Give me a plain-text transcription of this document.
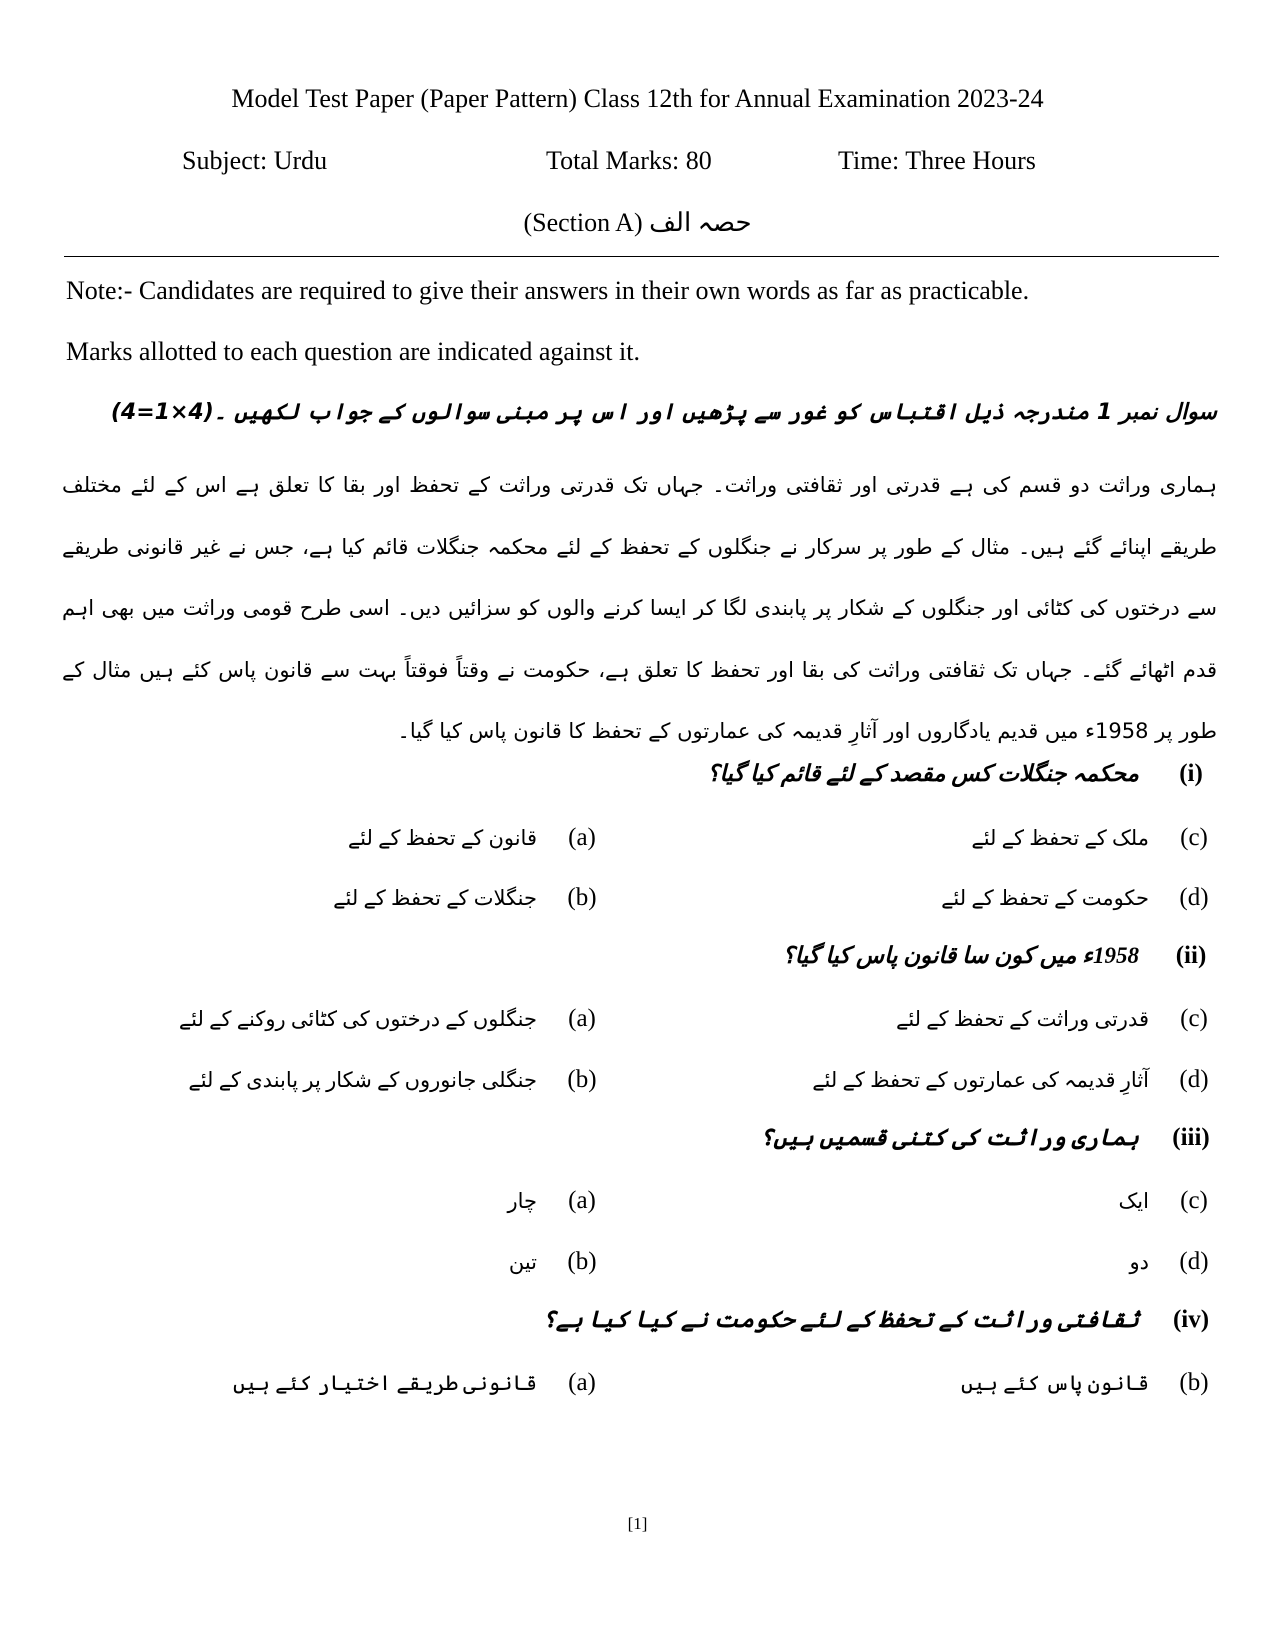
Model Test Paper (Paper Pattern) Class 12th for Annual Examination 2023-24
Subject: Urdu	Total Marks: 80	Time: Three Hours
(Section A) حصہ الف
Note:- Candidates are required to give their answers in their own words as far as practicable.
Marks allotted to each question are indicated against it.
سوال نمبر 1 مندرجہ ذیل اقتباس کو غور سے پڑھیں اور اس پر مبنی سوالوں کے جواب لکھیں ۔(4×1=4)
ہماری وراثت دو قسم کی ہے قدرتی اور ثقافتی وراثت۔ جہاں تک قدرتی وراثت کے تحفظ اور بقا کا تعلق ہے اس کے لئے مختلف طریقے اپنائے گئے ہیں۔ مثال کے طور پر سرکار نے جنگلوں کے تحفظ کے لئے محکمہ جنگلات قائم کیا ہے، جس نے غیر قانونی طریقے سے درختوں کی کٹائی اور جنگلوں کے شکار پر پابندی لگا کر ایسا کرنے والوں کو سزائیں دیں۔ اسی طرح قومی وراثت میں بھی اہم قدم اٹھائے گئے۔ جہاں تک ثقافتی وراثت کی بقا اور تحفظ کا تعلق ہے، حکومت نے وقتاً فوقتاً بہت سے قانون پاس کئے ہیں مثال کے طور پر 1958ء میں قدیم یادگاروں اور آثارِ قدیمہ کی عمارتوں کے تحفظ کا قانون پاس کیا گیا۔
(i)محکمہ جنگلات کس مقصد کے لئے قائم کیا گیا؟
(c)ملک کے تحفظ کے لئے
(a)قانون کے تحفظ کے لئے
(d)حکومت کے تحفظ کے لئے
(b)جنگلات کے تحفظ کے لئے
(ii)1958ء میں کون سا قانون پاس کیا گیا؟
(c)قدرتی وراثت کے تحفظ کے لئے
(a)جنگلوں کے درختوں کی کٹائی روکنے کے لئے
(d)آثارِ قدیمہ کی عمارتوں کے تحفظ کے لئے
(b)جنگلی جانوروں کے شکار پر پابندی کے لئے
(iii)ہماری وراثت کی کتنی قسمیں ہیں؟
(c)ایک
(a)چار
(d)دو
(b)تین
(iv)ثقافتی وراثت کے تحفظ کے لئے حکومت نے کیا کیا ہے؟
(b)قانون پاس کئے ہیں
(a)قانونی طریقے اختیار کئے ہیں
[1]
